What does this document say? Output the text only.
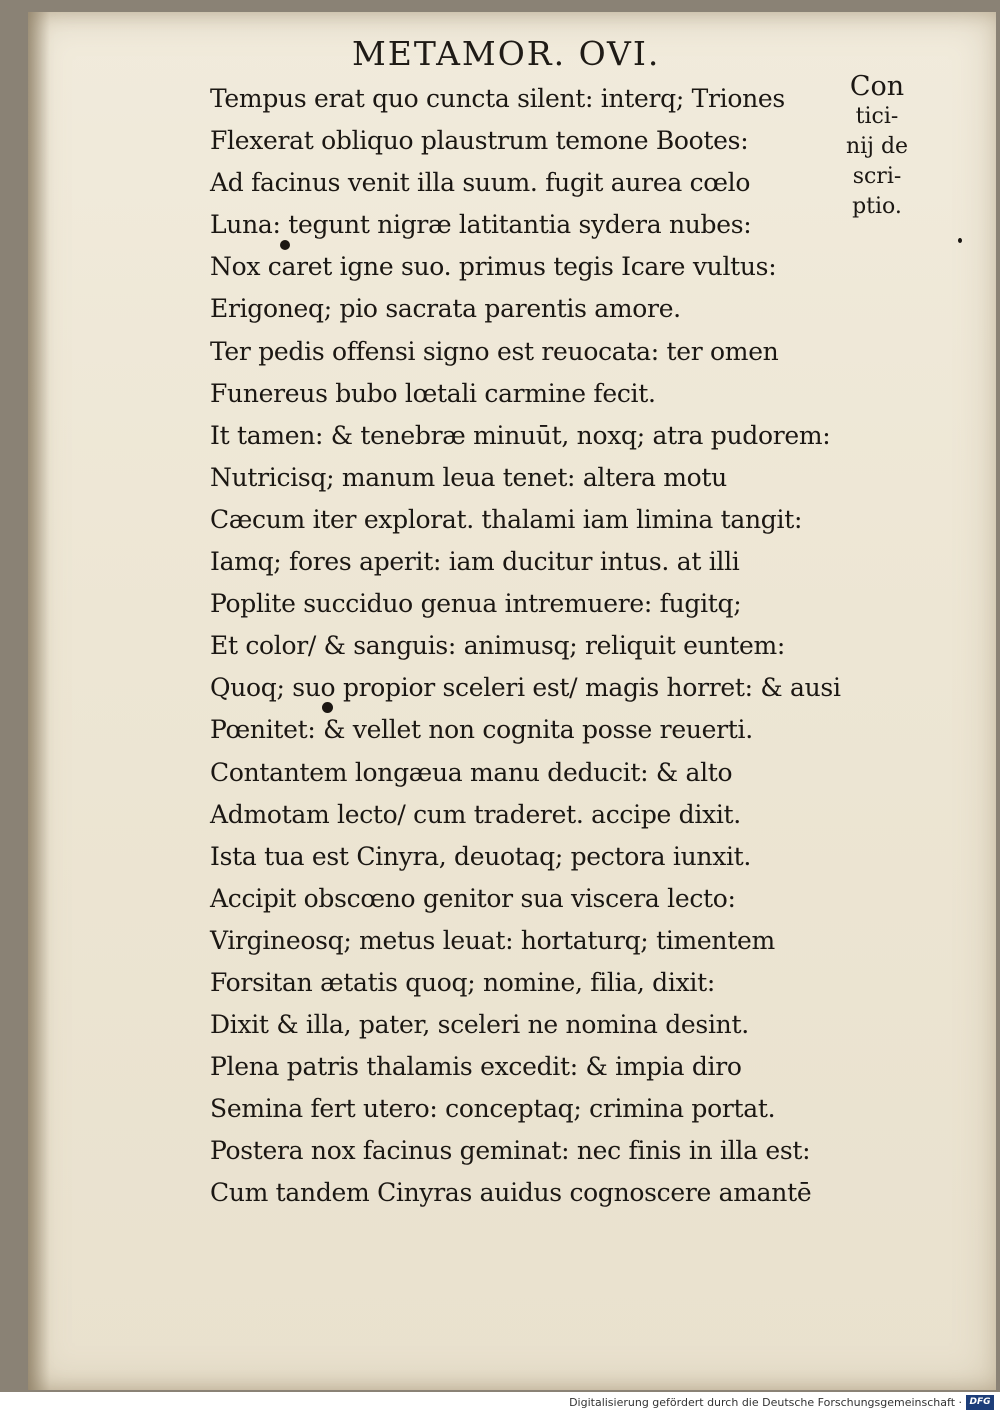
METAMOR. OVI.
Tempus erat quo cuncta silent: interq; Triones
Flexerat obliquo plaustrum temone Bootes:
Ad facinus venit illa suum. fugit aurea cœlo
Luna: tegunt nigræ latitantia sydera nubes:
Nox caret igne suo. primus tegis Icare vultus:
Erigoneq; pio sacrata parentis amore.
Ter pedis offensi signo est reuocata: ter omen
Funereus bubo lœtali carmine fecit.
It tamen: & tenebræ minuūt, noxq; atra pudorem:
Nutricisq; manum leua tenet: altera motu
Cæcum iter explorat. thalami iam limina tangit:
Iamq; fores aperit: iam ducitur intus. at illi
Poplite succiduo genua intremuere: fugitq;
Et color/ & sanguis: animusq; reliquit euntem:
Quoq; suo propior sceleri est/ magis horret: & ausi
Pœnitet: & vellet non cognita posse reuerti.
Contantem longæua manu deducit: & alto
Admotam lecto/ cum traderet. accipe dixit.
Ista tua est Cinyra, deuotaq; pectora iunxit.
Accipit obscœno genitor sua viscera lecto:
Virgineosq; metus leuat: hortaturq; timentem
Forsitan ætatis quoq; nomine, filia, dixit:
Dixit & illa, pater, sceleri ne nomina desint.
Plena patris thalamis excedit: & impia diro
Semina fert utero: conceptaq; crimina portat.
Postera nox facinus geminat: nec finis in illa est:
Cum tandem Cinyras auidus cognoscere amantē
Con
tici-
nij de
scri-
ptio.
Digitalisierung gefördert durch die Deutsche Forschungsgemeinschaft · DFG
